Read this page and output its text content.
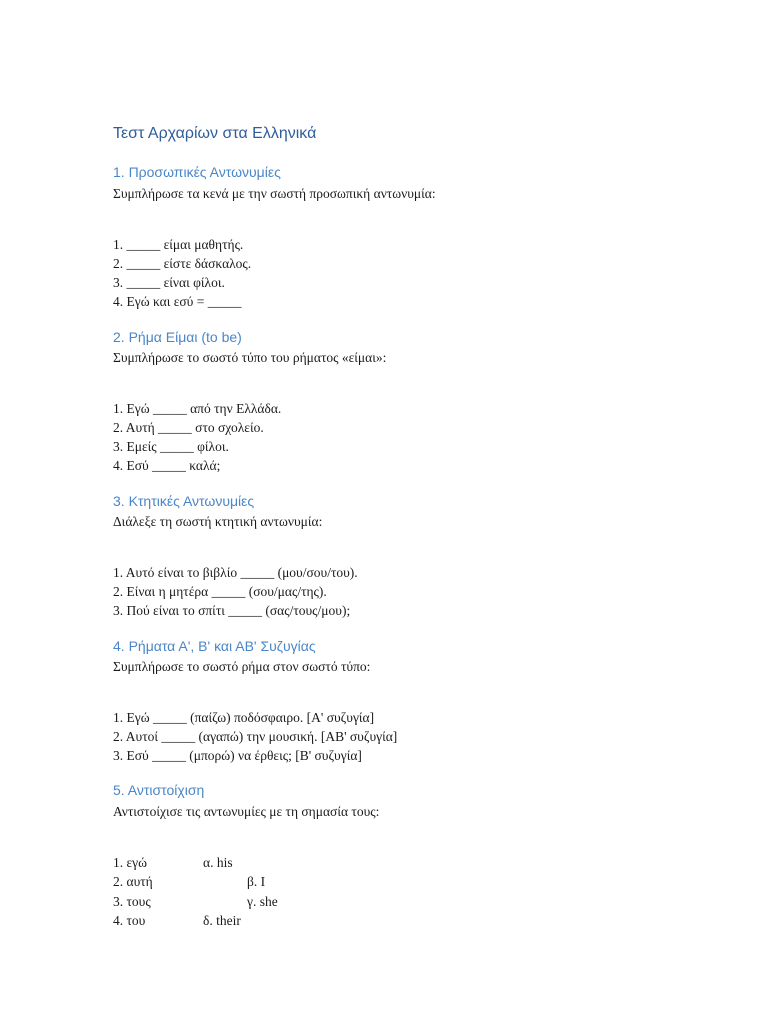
Τεστ Αρχαρίων στα Ελληνικά
1. Προσωπικές Αντωνυμίες
Συμπλήρωσε τα κενά με την σωστή προσωπική αντωνυμία:
1. _____ είμαι μαθητής.
2. _____ είστε δάσκαλος.
3. _____ είναι φίλοι.
4. Εγώ και εσύ = _____
2. Ρήμα Είμαι (to be)
Συμπλήρωσε το σωστό τύπο του ρήματος «είμαι»:
1. Εγώ _____ από την Ελλάδα.
2. Αυτή _____ στο σχολείο.
3. Εμείς _____ φίλοι.
4. Εσύ _____ καλά;
3. Κτητικές Αντωνυμίες
Διάλεξε τη σωστή κτητική αντωνυμία:
1. Αυτό είναι το βιβλίο _____ (μου/σου/του).
2. Είναι η μητέρα _____ (σου/μας/της).
3. Πού είναι το σπίτι _____ (σας/τους/μου);
4. Ρήματα Α', Β' και ΑΒ' Συζυγίας
Συμπλήρωσε το σωστό ρήμα στον σωστό τύπο:
1. Εγώ _____ (παίζω) ποδόσφαιρο. [Α' συζυγία]
2. Αυτοί _____ (αγαπώ) την μουσική. [ΑΒ' συζυγία]
3. Εσύ _____ (μπορώ) να έρθεις; [Β' συζυγία]
5. Αντιστοίχιση
Αντιστοίχισε τις αντωνυμίες με τη σημασία τους:
1. εγώ	α. his
2. αυτή	β. I
3. τους	γ. she
4. του	δ. their
